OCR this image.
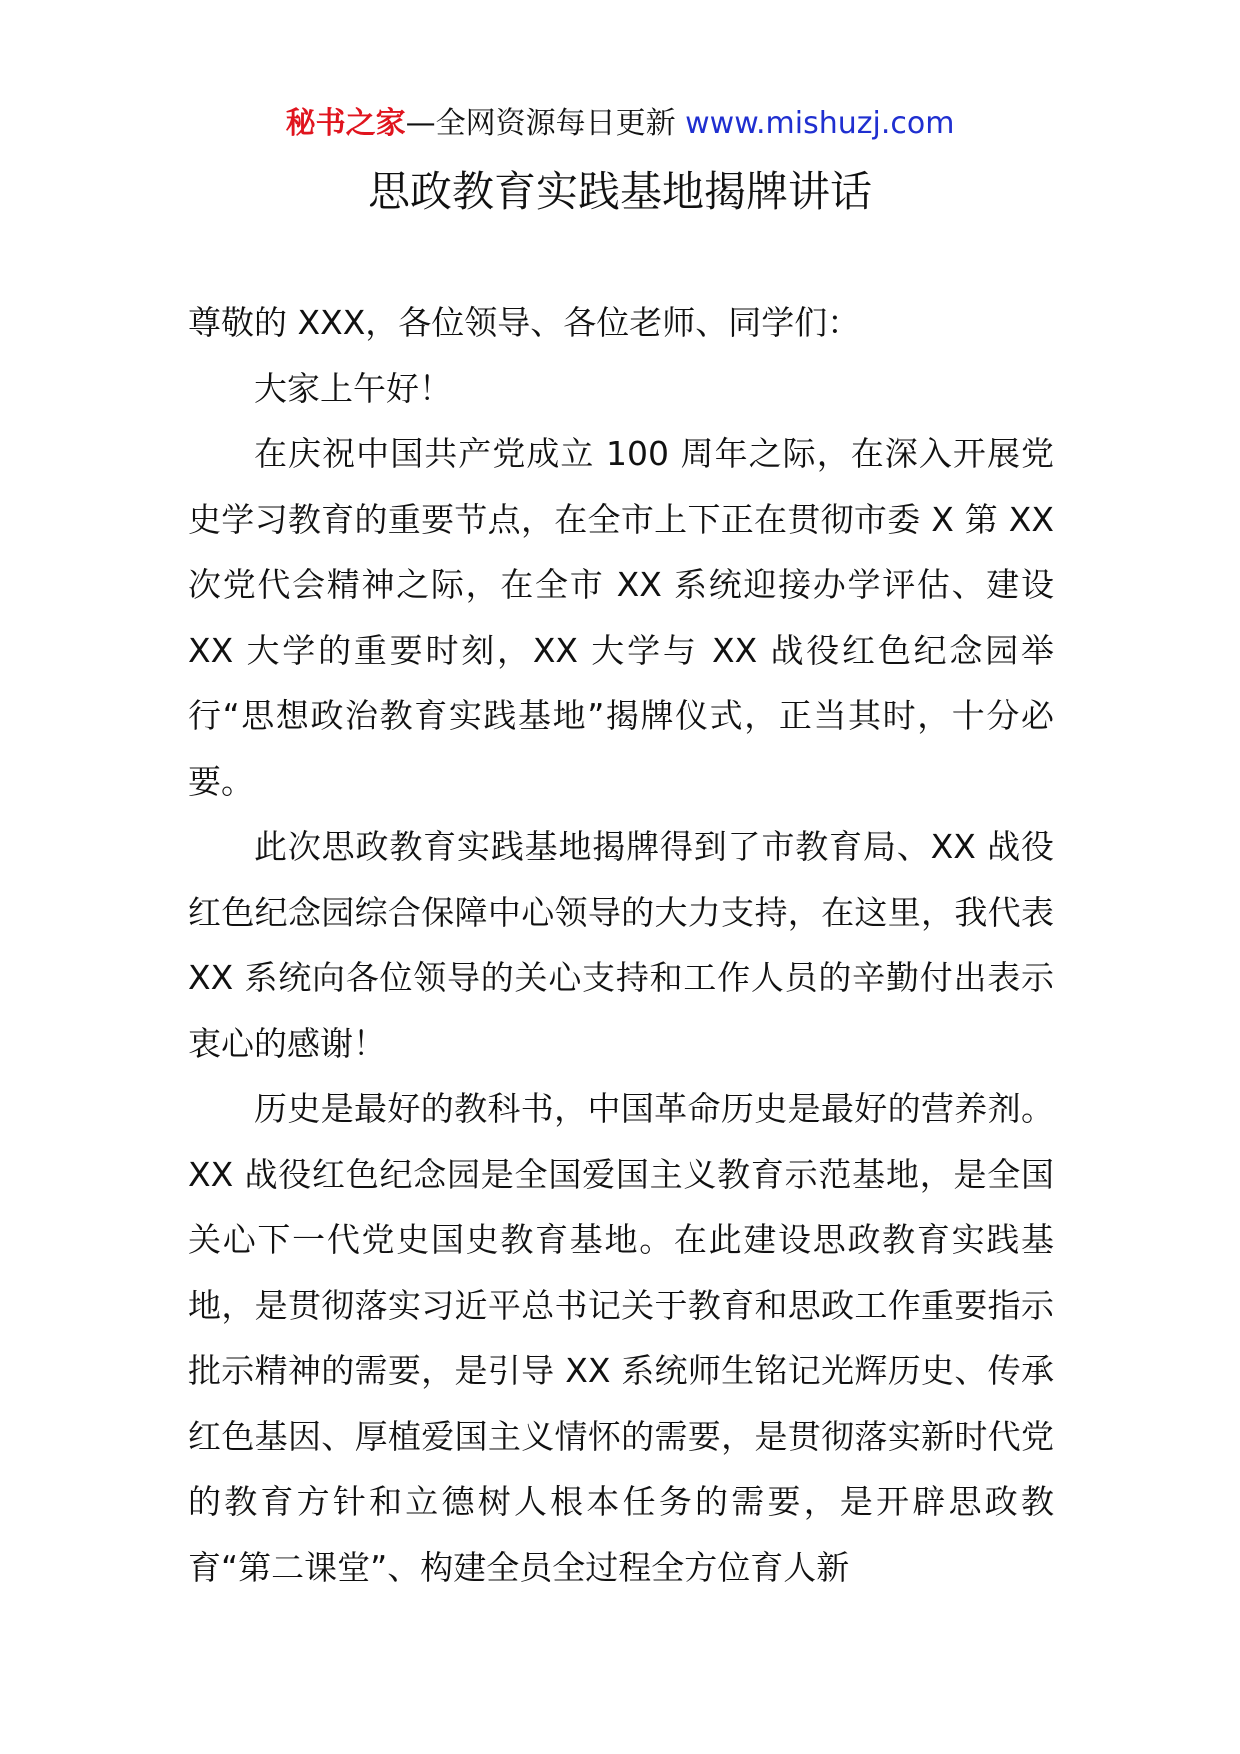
秘书之家—全网资源每日更新 www.mishuzj.com
思政教育实践基地揭牌讲话

尊敬的 XXX，各位领导、各位老师、同学们：

大家上午好！

在庆祝中国共产党成立 100 周年之际，在深入开展党史学习教育的重要节点，在全市上下正在贯彻市委 X 第 XX 次党代会精神之际，在全市 XX 系统迎接办学评估、建设 XX 大学的重要时刻，XX 大学与 XX 战役红色纪念园举行“思想政治教育实践基地”揭牌仪式，正当其时，十分必要。

此次思政教育实践基地揭牌得到了市教育局、XX 战役红色纪念园综合保障中心领导的大力支持，在这里，我代表 XX 系统向各位领导的关心支持和工作人员的辛勤付出表示衷心的感谢！

历史是最好的教科书，中国革命历史是最好的营养剂。XX 战役红色纪念园是全国爱国主义教育示范基地，是全国关心下一代党史国史教育基地。在此建设思政教育实践基地，是贯彻落实习近平总书记关于教育和思政工作重要指示批示精神的需要，是引导 XX 系统师生铭记光辉历史、传承红色基因、厚植爱国主义情怀的需要，是贯彻落实新时代党的教育方针和立德树人根本任务的需要，是开辟思政教育“第二课堂”、构建全员全过程全方位育人新
